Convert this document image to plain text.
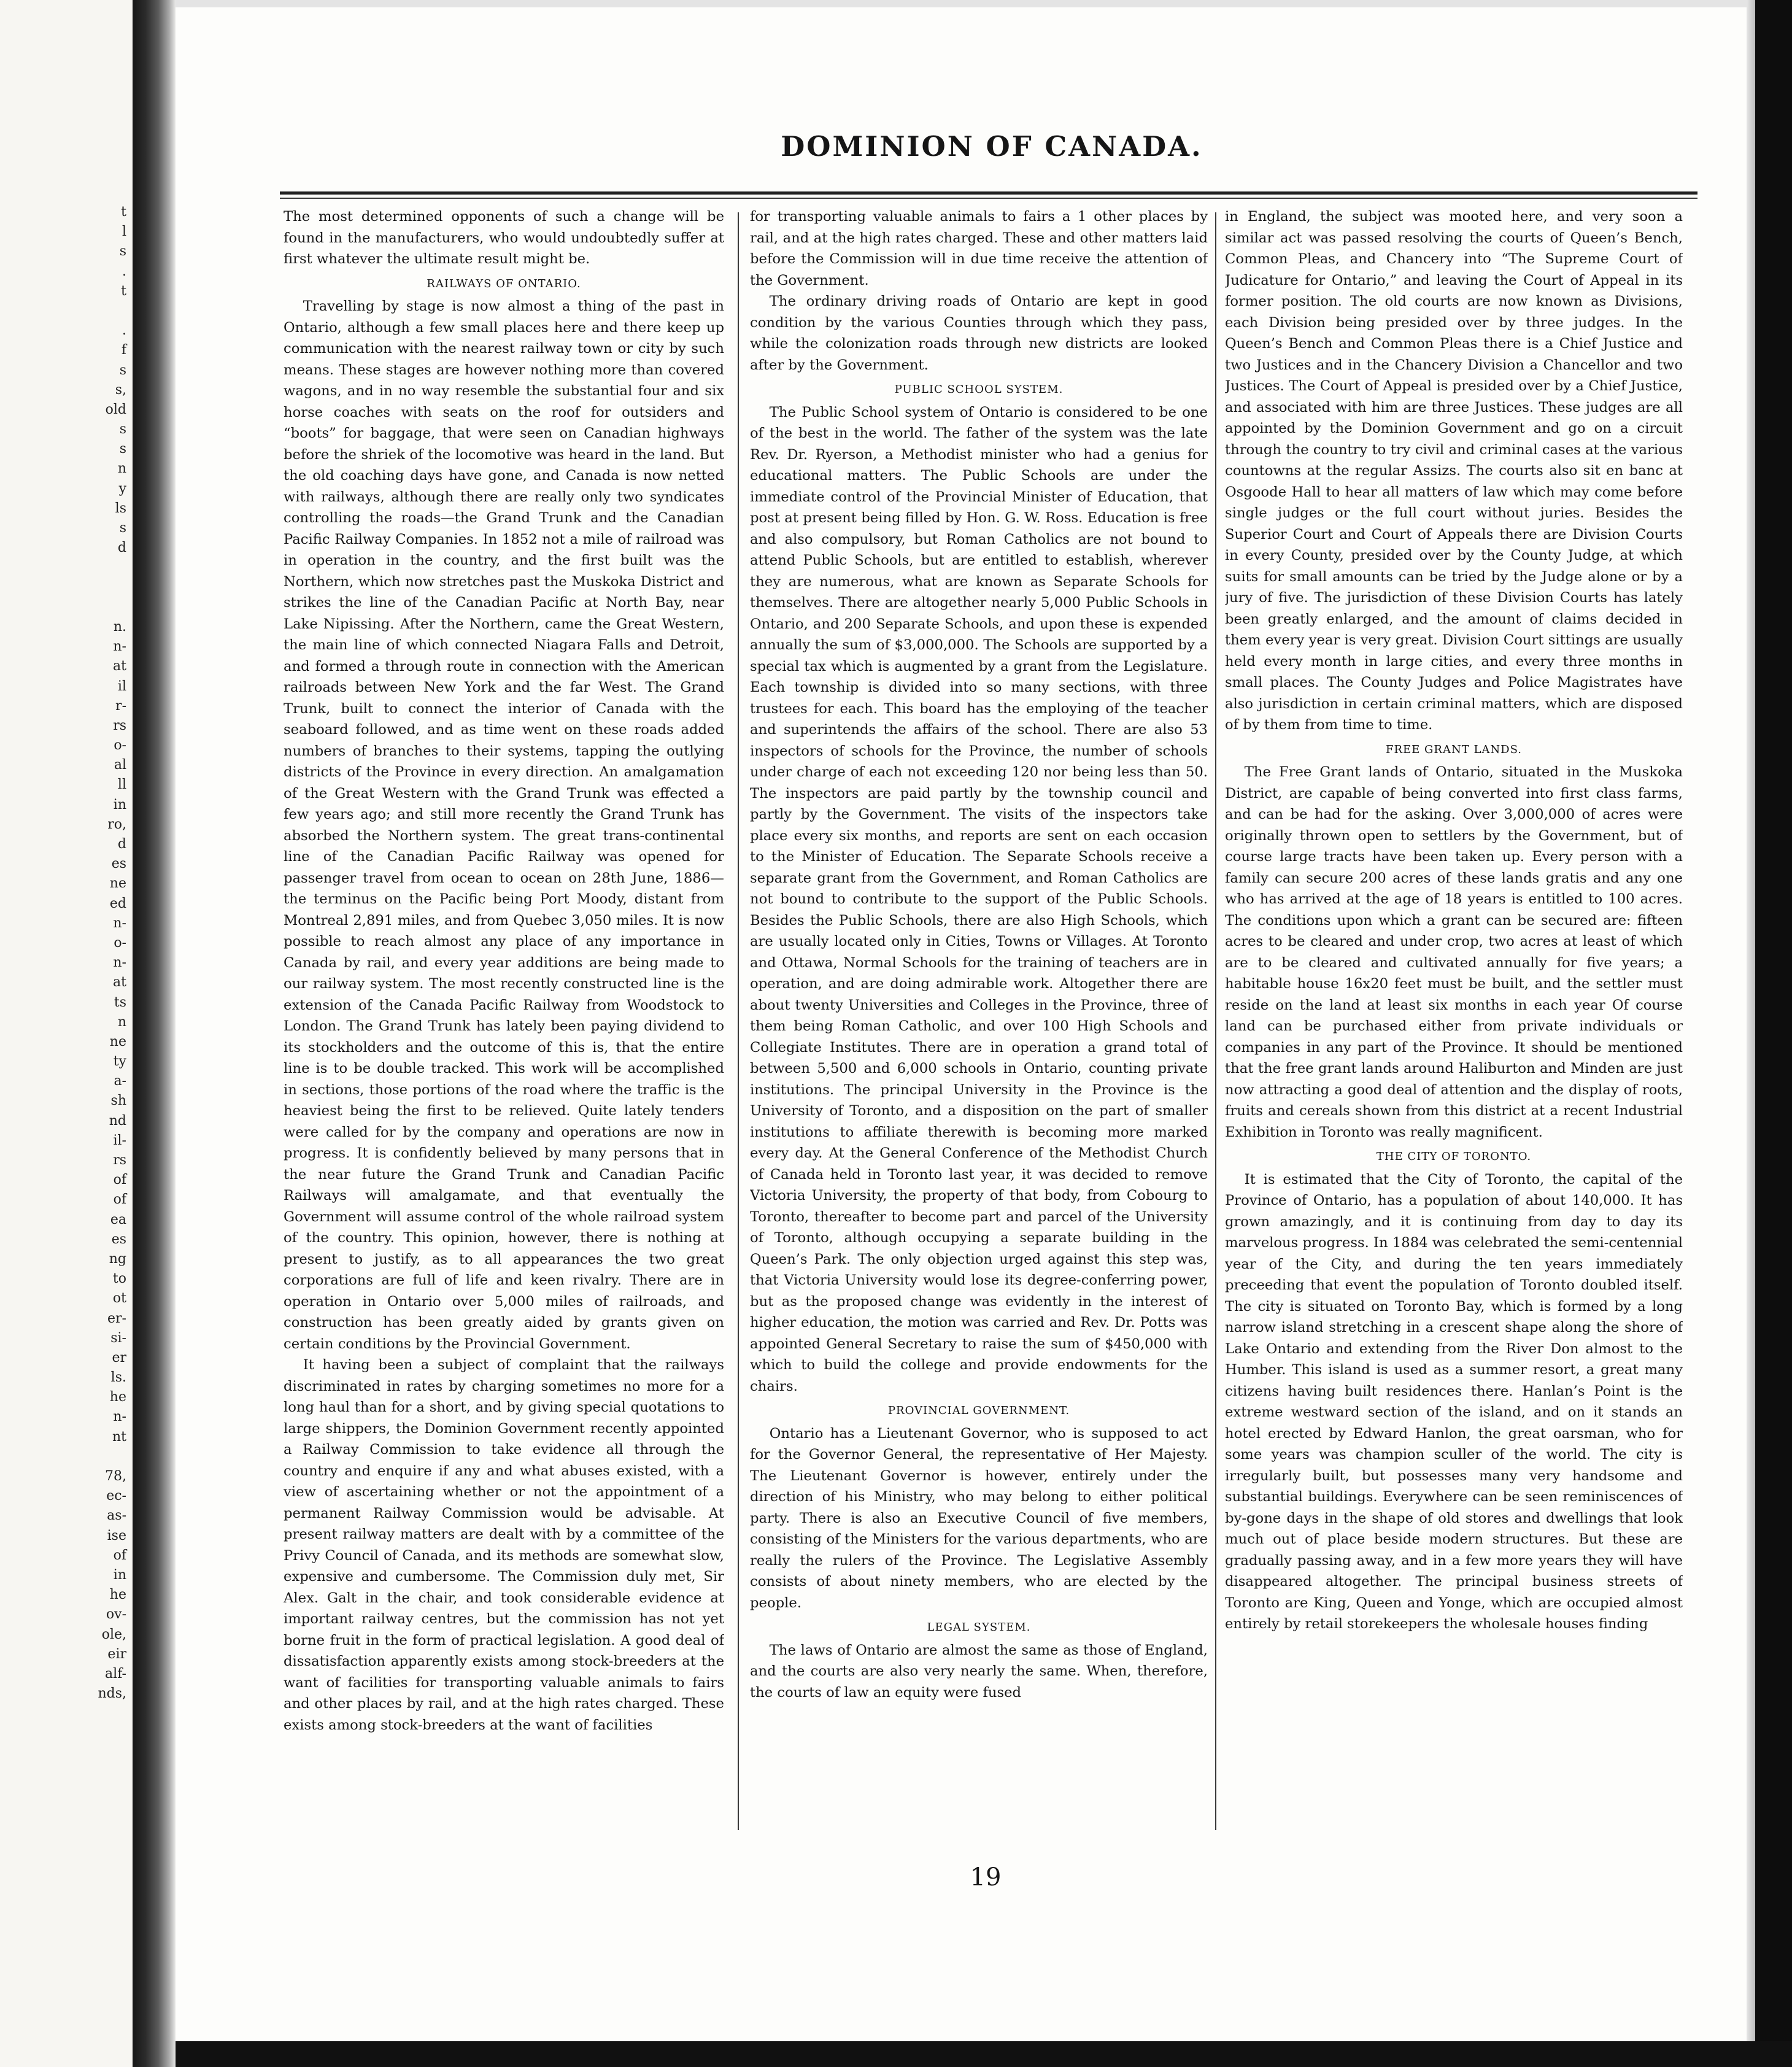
t
l
s
.
t
.
f
s
s,
old
s
s
n
y
ls
s
d
n.
n-
at
il
r-
rs
o-
al
ll
in
ro,
d
es
ne
ed
n-
o-
n-
at
ts
n
ne
ty
a-
sh
nd
il-
rs
of
of
ea
es
ng
to
ot
er-
si-
er
ls.
he
n-
nt
78,
ec-
as-
ise
of
in
he
ov-
ole,
eir
alf-
nds,
DOMINION OF CANADA.

The most determined opponents of such a change will be found in the manufacturers, who would undoubtedly suffer at first whatever the ultimate result might be.

RAILWAYS OF ONTARIO.

Travelling by stage is now almost a thing of the past in Ontario, although a few small places here and there keep up communication with the nearest railway town or city by such means. These stages are however nothing more than covered wagons, and in no way resemble the substantial four and six horse coaches with seats on the roof for outsiders and “boots” for baggage, that were seen on Canadian highways before the shriek of the locomotive was heard in the land. But the old coaching days have gone, and Canada is now netted with railways, although there are really only two syndicates controlling the roads—the Grand Trunk and the Canadian Pacific Railway Companies. In 1852 not a mile of railroad was in operation in the country, and the first built was the Northern, which now stretches past the Muskoka District and strikes the line of the Canadian Pacific at North Bay, near Lake Nipissing. After the Northern, came the Great Western, the main line of which connected Niagara Falls and Detroit, and formed a through route in connection with the American railroads between New York and the far West. The Grand Trunk, built to connect the interior of Canada with the seaboard followed, and as time went on these roads added numbers of branches to their systems, tapping the outlying districts of the Province in every direction. An amalgamation of the Great Western with the Grand Trunk was effected a few years ago; and still more recently the Grand Trunk has absorbed the Northern system. The great trans-continental line of the Canadian Pacific Railway was opened for passenger travel from ocean to ocean on 28th June, 1886—the terminus on the Pacific being Port Moody, distant from Montreal 2,891 miles, and from Quebec 3,050 miles. It is now possible to reach almost any place of any importance in Canada by rail, and every year additions are being made to our railway system. The most recently constructed line is the extension of the Canada Pacific Railway from Woodstock to London. The Grand Trunk has lately been paying dividend to its stockholders and the outcome of this is, that the entire line is to be double tracked. This work will be accomplished in sections, those portions of the road where the traffic is the heaviest being the first to be relieved. Quite lately tenders were called for by the company and operations are now in progress. It is confidently believed by many persons that in the near future the Grand Trunk and Canadian Pacific Railways will amalgamate, and that eventually the Government will assume control of the whole railroad system of the country. This opinion, however, there is nothing at present to justify, as to all appearances the two great corporations are full of life and keen rivalry. There are in operation in Ontario over 5,000 miles of railroads, and construction has been greatly aided by grants given on certain conditions by the Provincial Government.

It having been a subject of complaint that the railways discriminated in rates by charging sometimes no more for a long haul than for a short, and by giving special quotations to large shippers, the Dominion Government recently appointed a Railway Commission to take evidence all through the country and enquire if any and what abuses existed, with a view of ascertaining whether or not the appointment of a permanent Railway Commission would be advisable. At present railway matters are dealt with by a committee of the Privy Council of Canada, and its methods are somewhat slow, expensive and cumbersome. The Commission duly met, Sir Alex. Galt in the chair, and took considerable evidence at important railway centres, but the commission has not yet borne fruit in the form of practical legislation. A good deal of dissatisfaction apparently exists among stock-breeders at the want of facilities for transporting valuable animals to fairs and other places by rail, and at the high rates charged. These exists among stock-breeders at the want of facilities

for transporting valuable animals to fairs a 1 other places by rail, and at the high rates charged. These and other matters laid before the Commission will in due time receive the attention of the Government.

The ordinary driving roads of Ontario are kept in good condition by the various Counties through which they pass, while the colonization roads through new districts are looked after by the Government.

PUBLIC SCHOOL SYSTEM.

The Public School system of Ontario is considered to be one of the best in the world. The father of the system was the late Rev. Dr. Ryerson, a Methodist minister who had a genius for educational matters. The Public Schools are under the immediate control of the Provincial Minister of Education, that post at present being filled by Hon. G. W. Ross. Education is free and also compulsory, but Roman Catholics are not bound to attend Public Schools, but are entitled to establish, wherever they are numerous, what are known as Separate Schools for themselves. There are altogether nearly 5,000 Public Schools in Ontario, and 200 Separate Schools, and upon these is expended annually the sum of $3,000,000. The Schools are supported by a special tax which is augmented by a grant from the Legislature. Each township is divided into so many sections, with three trustees for each. This board has the employing of the teacher and superintends the affairs of the school. There are also 53 inspectors of schools for the Province, the number of schools under charge of each not exceeding 120 nor being less than 50. The inspectors are paid partly by the township council and partly by the Government. The visits of the inspectors take place every six months, and reports are sent on each occasion to the Minister of Education. The Separate Schools receive a separate grant from the Government, and Roman Catholics are not bound to contribute to the support of the Public Schools. Besides the Public Schools, there are also High Schools, which are usually located only in Cities, Towns or Villages. At Toronto and Ottawa, Normal Schools for the training of teachers are in operation, and are doing admirable work. Altogether there are about twenty Universities and Colleges in the Province, three of them being Roman Catholic, and over 100 High Schools and Collegiate Institutes. There are in operation a grand total of between 5,500 and 6,000 schools in Ontario, counting private institutions. The principal University in the Province is the University of Toronto, and a disposition on the part of smaller institutions to affiliate therewith is becoming more marked every day. At the General Conference of the Methodist Church of Canada held in Toronto last year, it was decided to remove Victoria University, the property of that body, from Cobourg to Toronto, thereafter to become part and parcel of the University of Toronto, although occupying a separate building in the Queen’s Park. The only objection urged against this step was, that Victoria University would lose its degree-conferring power, but as the proposed change was evidently in the interest of higher education, the motion was carried and Rev. Dr. Potts was appointed General Secretary to raise the sum of $450,000 with which to build the college and provide endowments for the chairs.

PROVINCIAL GOVERNMENT.

Ontario has a Lieutenant Governor, who is supposed to act for the Governor General, the representative of Her Majesty. The Lieutenant Governor is however, entirely under the direction of his Ministry, who may belong to either political party. There is also an Executive Council of five members, consisting of the Ministers for the various departments, who are really the rulers of the Province. The Legislative Assembly consists of about ninety members, who are elected by the people.

LEGAL SYSTEM.

The laws of Ontario are almost the same as those of England, and the courts are also very nearly the same. When, therefore, the courts of law an equity were fused

in England, the subject was mooted here, and very soon a similar act was passed resolving the courts of Queen’s Bench, Common Pleas, and Chancery into “The Supreme Court of Judicature for Ontario,” and leaving the Court of Appeal in its former position. The old courts are now known as Divisions, each Division being presided over by three judges. In the Queen’s Bench and Common Pleas there is a Chief Justice and two Justices and in the Chancery Division a Chancellor and two Justices. The Court of Appeal is presided over by a Chief Justice, and associated with him are three Justices. These judges are all appointed by the Dominion Government and go on a circuit through the country to try civil and criminal cases at the various countowns at the regular Assizs. The courts also sit en banc at Osgoode Hall to hear all matters of law which may come before single judges or the full court without juries. Besides the Superior Court and Court of Appeals there are Division Courts in every County, presided over by the County Judge, at which suits for small amounts can be tried by the Judge alone or by a jury of five. The jurisdiction of these Division Courts has lately been greatly enlarged, and the amount of claims decided in them every year is very great. Division Court sittings are usually held every month in large cities, and every three months in small places. The County Judges and Police Magistrates have also jurisdiction in certain criminal matters, which are disposed of by them from time to time.

FREE GRANT LANDS.

The Free Grant lands of Ontario, situated in the Muskoka District, are capable of being converted into first class farms, and can be had for the asking. Over 3,000,000 of acres were originally thrown open to settlers by the Government, but of course large tracts have been taken up. Every person with a family can secure 200 acres of these lands gratis and any one who has arrived at the age of 18 years is entitled to 100 acres. The conditions upon which a grant can be secured are: fifteen acres to be cleared and under crop, two acres at least of which are to be cleared and cultivated annually for five years; a habitable house 16x20 feet must be built, and the settler must reside on the land at least six months in each year Of course land can be purchased either from private individuals or companies in any part of the Province. It should be mentioned that the free grant lands around Haliburton and Minden are just now attracting a good deal of attention and the display of roots, fruits and cereals shown from this district at a recent Industrial Exhibition in Toronto was really magnificent.

THE CITY OF TORONTO.

It is estimated that the City of Toronto, the capital of the Province of Ontario, has a population of about 140,000. It has grown amazingly, and it is continuing from day to day its marvelous progress. In 1884 was celebrated the semi-centennial year of the City, and during the ten years immediately preceeding that event the population of Toronto doubled itself. The city is situated on Toronto Bay, which is formed by a long narrow island stretching in a crescent shape along the shore of Lake Ontario and extending from the River Don almost to the Humber. This island is used as a summer resort, a great many citizens having built residences there. Hanlan’s Point is the extreme westward section of the island, and on it stands an hotel erected by Edward Hanlon, the great oarsman, who for some years was champion sculler of the world. The city is irregularly built, but possesses many very handsome and substantial buildings. Everywhere can be seen reminiscences of by-gone days in the shape of old stores and dwellings that look much out of place beside modern structures. But these are gradually passing away, and in a few more years they will have disappeared altogether. The principal business streets of Toronto are King, Queen and Yonge, which are occupied almost entirely by retail storekeepers the wholesale houses finding

19
